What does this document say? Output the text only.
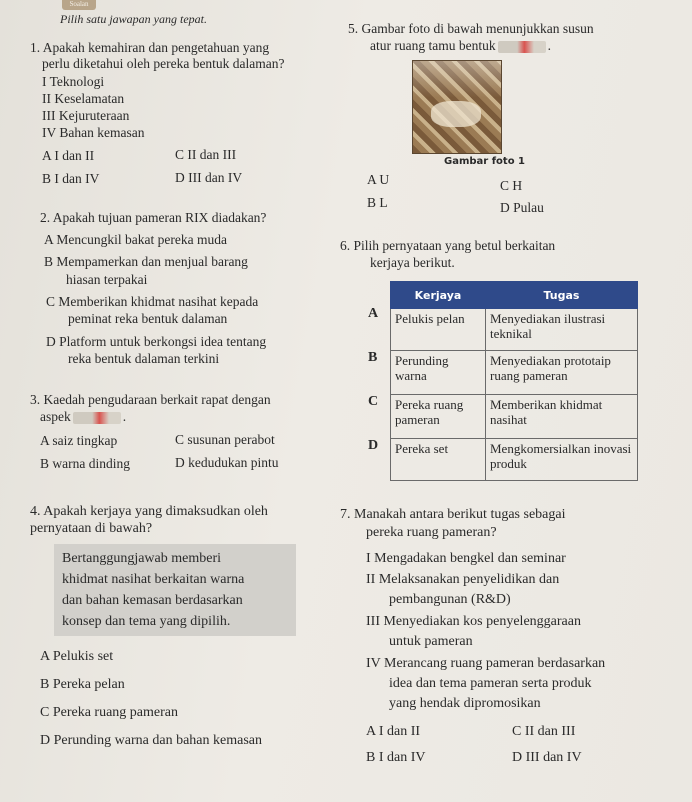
Soalan
Pilih satu jawapan yang tepat.
1. Apakah kemahiran dan pengetahuan yang
perlu diketahui oleh pereka bentuk dalaman?
I Teknologi
II Keselamatan
III Kejuruteraan
IV Bahan kemasan
A I dan II	C II dan III
B I dan IV	D III dan IV
2. Apakah tujuan pameran RIX diadakan?
A Mencungkil bakat pereka muda
B Mempamerkan dan menjual barang
hiasan terpakai
C Memberikan khidmat nasihat kepada
peminat reka bentuk dalaman
D Platform untuk berkongsi idea tentang
reka bentuk dalaman terkini
3. Kaedah pengudaraan berkait rapat dengan
aspek	.
A saiz tingkap	C susunan perabot
B warna dinding	D kedudukan pintu
4. Apakah kerjaya yang dimaksudkan oleh
pernyataan di bawah?
Bertanggungjawab memberi
khidmat nasihat berkaitan warna
dan bahan kemasan berdasarkan
konsep dan tema yang dipilih.
A Pelukis set
B Pereka pelan
C Pereka ruang pameran
D Perunding warna dan bahan kemasan
5. Gambar foto di bawah menunjukkan susun
atur ruang tamu bentuk	.
Gambar foto 1
A U	C H
B L	D Pulau
6. Pilih pernyataan yang betul berkaitan
kerjaya berikut.
A
B
C
D
Kerjaya	Tugas
Pelukis pelan	Menyediakan ilustrasi teknikal
Perunding warna	Menyediakan prototaip ruang pameran
Pereka ruang pameran	Memberikan khidmat nasihat
Pereka set	Mengkomersialkan inovasi produk
7. Manakah antara berikut tugas sebagai
pereka ruang pameran?
I Mengadakan bengkel dan seminar
II Melaksanakan penyelidikan dan
pembangunan (R&D)
III Menyediakan kos penyelenggaraan
untuk pameran
IV Merancang ruang pameran berdasarkan
idea dan tema pameran serta produk
yang hendak dipromosikan
A I dan II	C II dan III
B I dan IV	D III dan IV
